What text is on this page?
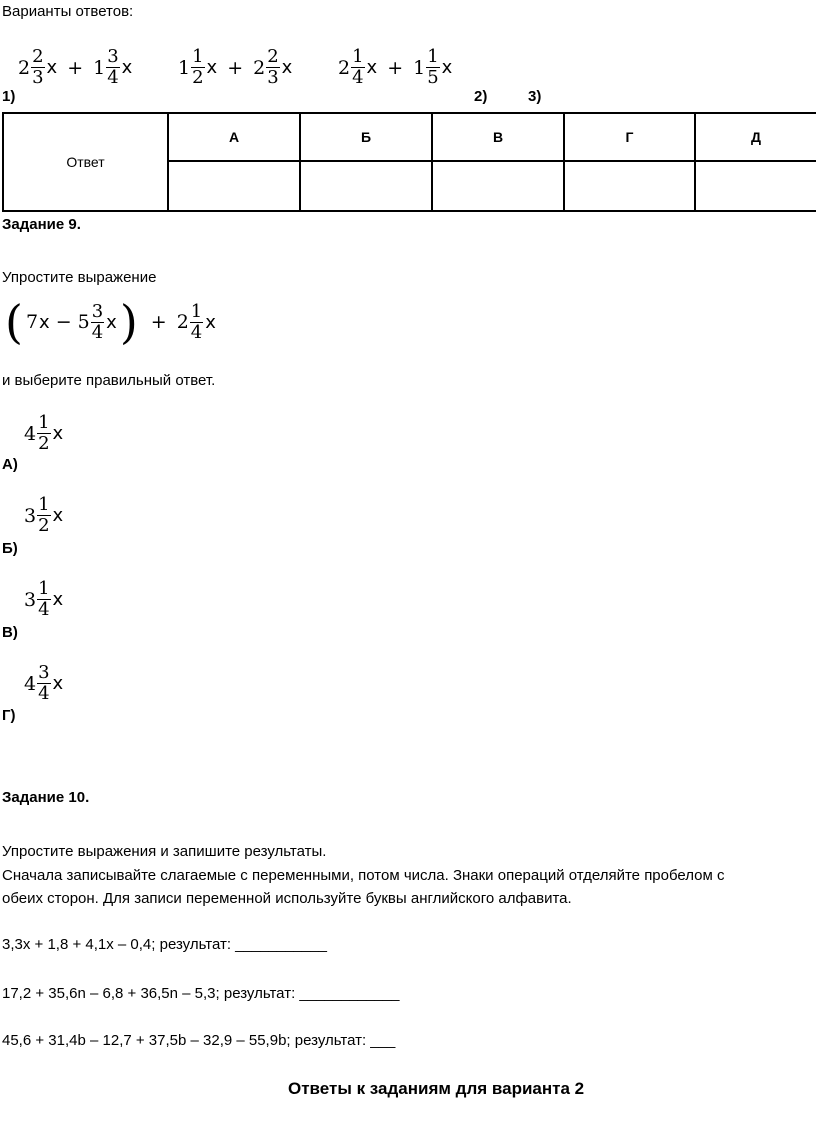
Варианты ответов:
$2 \frac{2}{3}$ $x + 1 \frac{3}{4}$ x $1 \frac{1}{2}$ $x + 2 \frac{2}{3}$ x $2 \frac{1}{4}$ $x + 1 \frac{1}{5}$ x
1)	2)	3)
Ответ	А	Б	В	Г	Д

Задание 9.
Упростите выражение
( 7 $x - 5 \frac{3}{4}$ x ) + $2 \frac{1}{4}$ x
и выберите правильный ответ.
$4 \frac{1}{2}$ x
А)
$3 \frac{1}{2}$ x
Б)
$3 \frac{1}{4}$ x
В)
$4 \frac{3}{4}$ x
Г)
Задание 10.
Упростите выражения и запишите результаты.
Сначала записывайте слагаемые с переменными, потом числа. Знаки операций отделяйте пробелом с
обеих сторон. Для записи переменной используйте буквы английского алфавита.
3,3x + 1,8 + 4,1x – 0,4; результат: ___________
17,2 + 35,6n – 6,8 + 36,5n – 5,3; результат: ____________
45,6 + 31,4b – 12,7 + 37,5b – 32,9 – 55,9b; результат: ___
Ответы к заданиям для варианта 2
